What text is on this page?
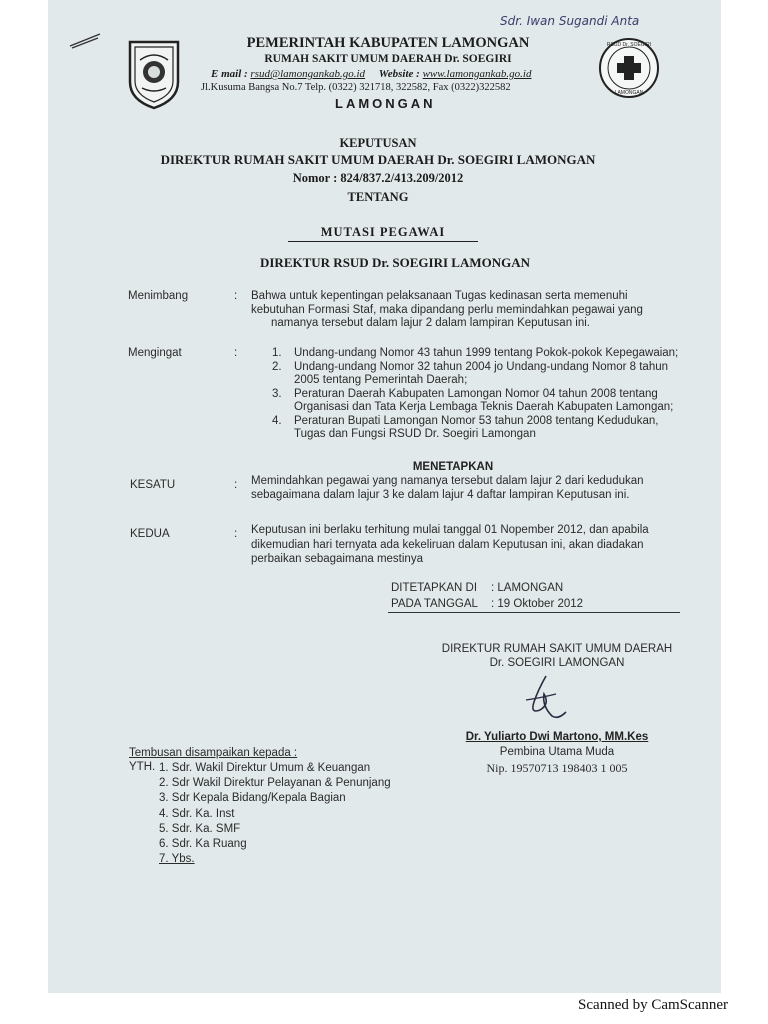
Sdr. Iwan Sugandi Anta
RSUD Dr. SOEGIRI
LAMONGAN
PEMERINTAH KABUPATEN LAMONGAN
RUMAH SAKIT UMUM DAERAH Dr. SOEGIRI
E mail : rsud@lamongankab.go.id Website : www.lamongankab.go.id
Jl.Kusuma Bangsa No.7 Telp. (0322) 321718, 322582, Fax (0322)322582
LAMONGAN
KEPUTUSAN
DIREKTUR RUMAH SAKIT UMUM DAERAH Dr. SOEGIRI LAMONGAN
Nomor : 824/837.2/413.209/2012
TENTANG
MUTASI PEGAWAI
DIREKTUR RSUD Dr. SOEGIRI LAMONGAN
Menimbang	: Bahwa untuk kepentingan pelaksanaan Tugas kedinasan serta memenuhi
kebutuhan Formasi Staf, maka dipandang perlu memindahkan pegawai yang
namanya tersebut dalam lajur 2 dalam lampiran Keputusan ini.
Mengingat	:	1.	Undang-undang Nomor 43 tahun 1999 tentang Pokok-pokok Kepegawaian;

2.	Undang-undang Nomor 32 tahun 2004 jo Undang-undang Nomor 8 tahun

2005 tentang Pemerintah Daerah;

3.	Peraturan Daerah Kabupaten Lamongan Nomor 04 tahun 2008 tentang

Organisasi dan Tata Kerja Lembaga Teknis Daerah Kabupaten Lamongan;

4.	Peraturan Bupati Lamongan Nomor 53 tahun 2008 tentang Kedudukan,

Tugas dan Fungsi RSUD Dr. Soegiri Lamongan

MENETAPKAN
KESATU	: Memindahkan pegawai yang namanya tersebut dalam lajur 2 dari kedudukan
sebagaimana dalam lajur 3 ke dalam lajur 4 daftar lampiran Keputusan ini.
KEDUA	: Keputusan ini berlaku terhitung mulai tanggal 01 Nopember 2012, dan apabila
dikemudian hari ternyata ada kekeliruan dalam Keputusan ini, akan diadakan
perbaikan sebagaimana mestinya
DITETAPKAN DI : LAMONGAN
PADA TANGGAL : 19 Oktober 2012
DIREKTUR RUMAH SAKIT UMUM DAERAH
Dr. SOEGIRI LAMONGAN
Dr. Yuliarto Dwi Martono, MM.Kes
Pembina Utama Muda
Nip. 19570713 198403 1 005
Tembusan disampaikan kepada :
YTH. 1. Sdr. Wakil Direktur Umum & Keuangan
2. Sdr Wakil Direktur Pelayanan & Penunjang
3. Sdr Kepala Bidang/Kepala Bagian
4. Sdr. Ka. Inst
5. Sdr. Ka. SMF
6. Sdr. Ka Ruang
7. Ybs.
Scanned by CamScanner
